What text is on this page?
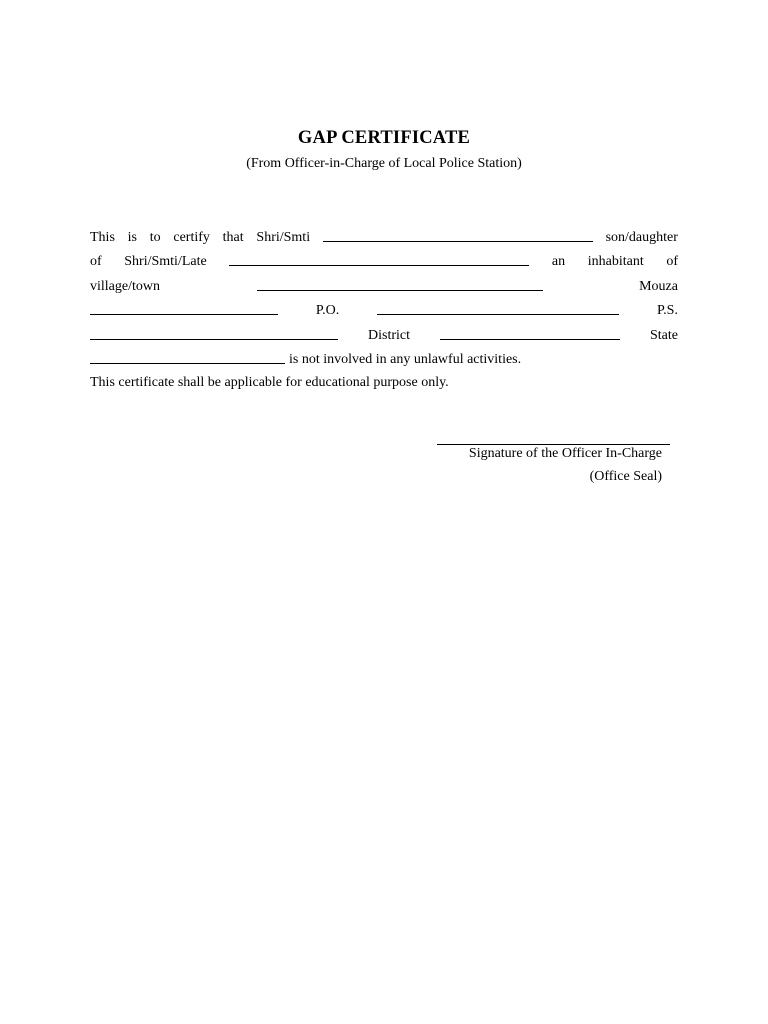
GAP CERTIFICATE
(From Officer-in-Charge of Local Police Station)
This is to certify that Shri/Smti	son/daughter
of Shri/Smti/Late	an inhabitant of
village/town	Mouza
P.O.	P.S.
District	State
is not involved in any unlawful activities.
This certificate shall be applicable for educational purpose only.
Signature of the Officer In-Charge
(Office Seal)
